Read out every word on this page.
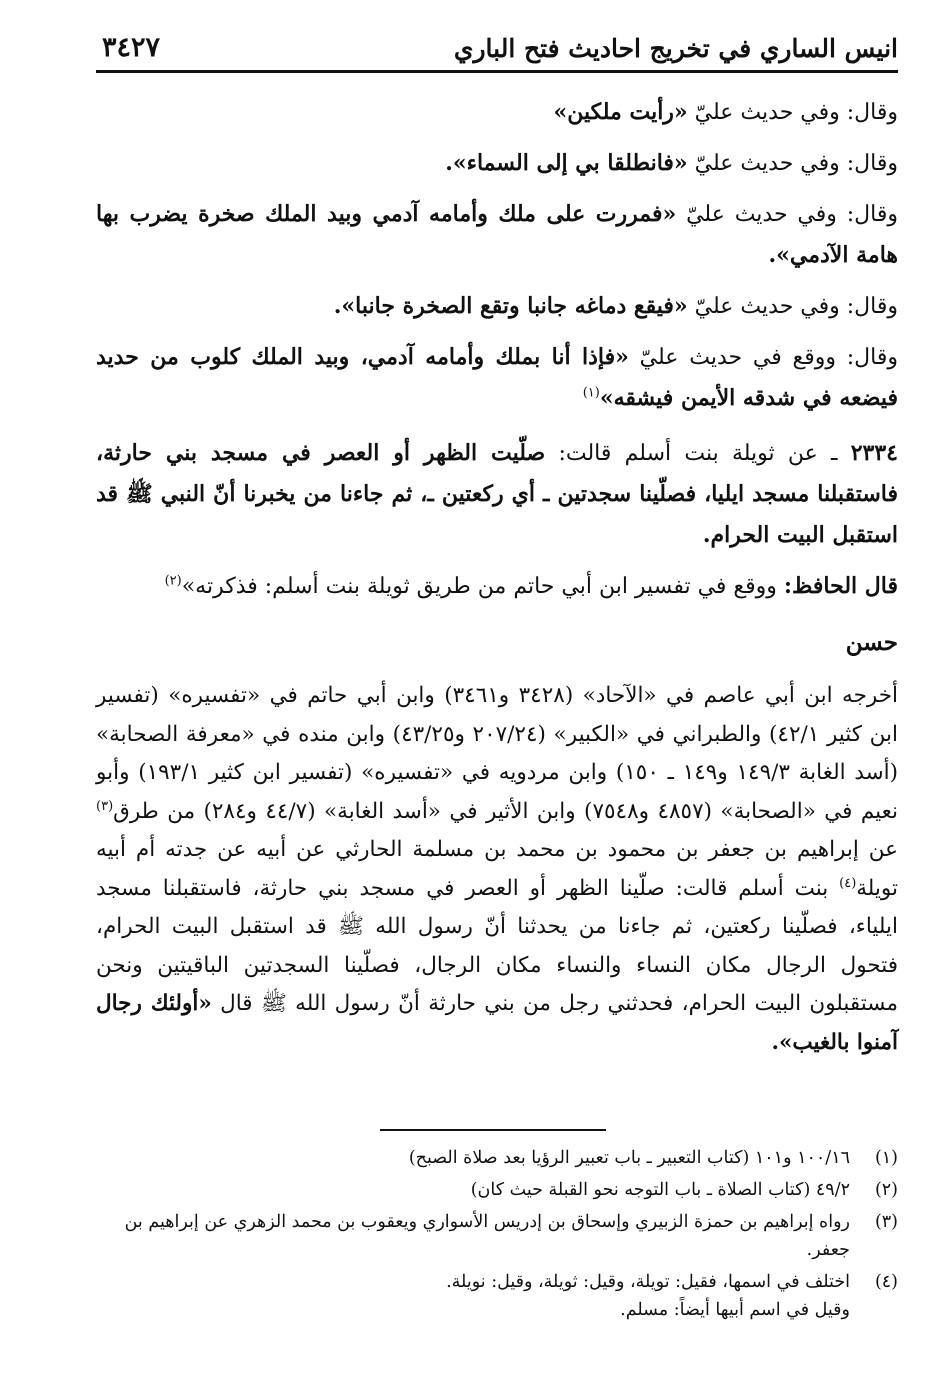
انيس الساري في تخريج احاديث فتح الباري
٣٤٢٧

وقال: وفي حديث عليّ «رأيت ملكين»

وقال: وفي حديث عليّ «فانطلقا بي إلى السماء».

وقال: وفي حديث عليّ «فمررت على ملك وأمامه آدمي وبيد الملك صخرة يضرب بها هامة الآدمي».

وقال: وفي حديث عليّ «فيقع دماغه جانبا وتقع الصخرة جانبا».

وقال: ووقع في حديث عليّ «فإذا أنا بملك وأمامه آدمي، وبيد الملك كلوب من حديد فيضعه في شدقه الأيمن فيشقه»$^{(١)}$

٢٣٣٤ ـ عن ثويلة بنت أسلم قالت: صلّيت الظهر أو العصر في مسجد بني حارثة، فاستقبلنا مسجد ايليا، فصلّينا سجدتين ـ أي ركعتين ـ، ثم جاءنا من يخبرنا أنّ النبي ﷺ قد استقبل البيت الحرام.

قال الحافظ: ووقع في تفسير ابن أبي حاتم من طريق ثويلة بنت أسلم: فذكرته»$^{(٢)}$

حسن

أخرجه ابن أبي عاصم في «الآحاد» (٣٤٢٨ و٣٤٦١) وابن أبي حاتم في «تفسيره» (تفسير ابن كثير ٤٢/١) والطبراني في «الكبير» (٢٠٧/٢٤ و٤٣/٢٥) وابن منده في «معرفة الصحابة» (أسد الغابة ١٤٩/٣ و١٤٩ ـ ١٥٠) وابن مردويه في «تفسيره» (تفسير ابن كثير ١٩٣/١) وأبو نعيم في «الصحابة» (٤٨٥٧ و٧٥٤٨) وابن الأثير في «أسد الغابة» (٤٤/٧ و٢٨٤) من طرق$^{(٣)}$ عن إبراهيم بن جعفر بن محمود بن محمد بن مسلمة الحارثي عن أبيه عن جدته أم أبيه تويلة$^{(٤)}$ بنت أسلم قالت: صلّينا الظهر أو العصر في مسجد بني حارثة، فاستقبلنا مسجد ايلياء، فصلّينا ركعتين، ثم جاءنا من يحدثنا أنّ رسول الله ﷺ قد استقبل البيت الحرام، فتحول الرجال مكان النساء والنساء مكان الرجال، فصلّينا السجدتين الباقيتين ونحن مستقبلون البيت الحرام، فحدثني رجل من بني حارثة أنّ رسول الله ﷺ قال «أولئك رجال آمنوا بالغيب».

(١)
١٠٠/١٦ و١٠١ (كتاب التعبير ـ باب تعبير الرؤيا بعد صلاة الصبح)
(٢)
٤٩/٢ (كتاب الصلاة ـ باب التوجه نحو القبلة حيث كان)
(٣)
رواه إبراهيم بن حمزة الزبيري وإسحاق بن إدريس الأسواري ويعقوب بن محمد الزهري عن إبراهيم بن جعفر.
(٤)
اختلف في اسمها، فقيل: تويلة، وقيل: ثويلة، وقيل: نويلة.
وقيل في اسم أبيها أيضاً: مسلم.
